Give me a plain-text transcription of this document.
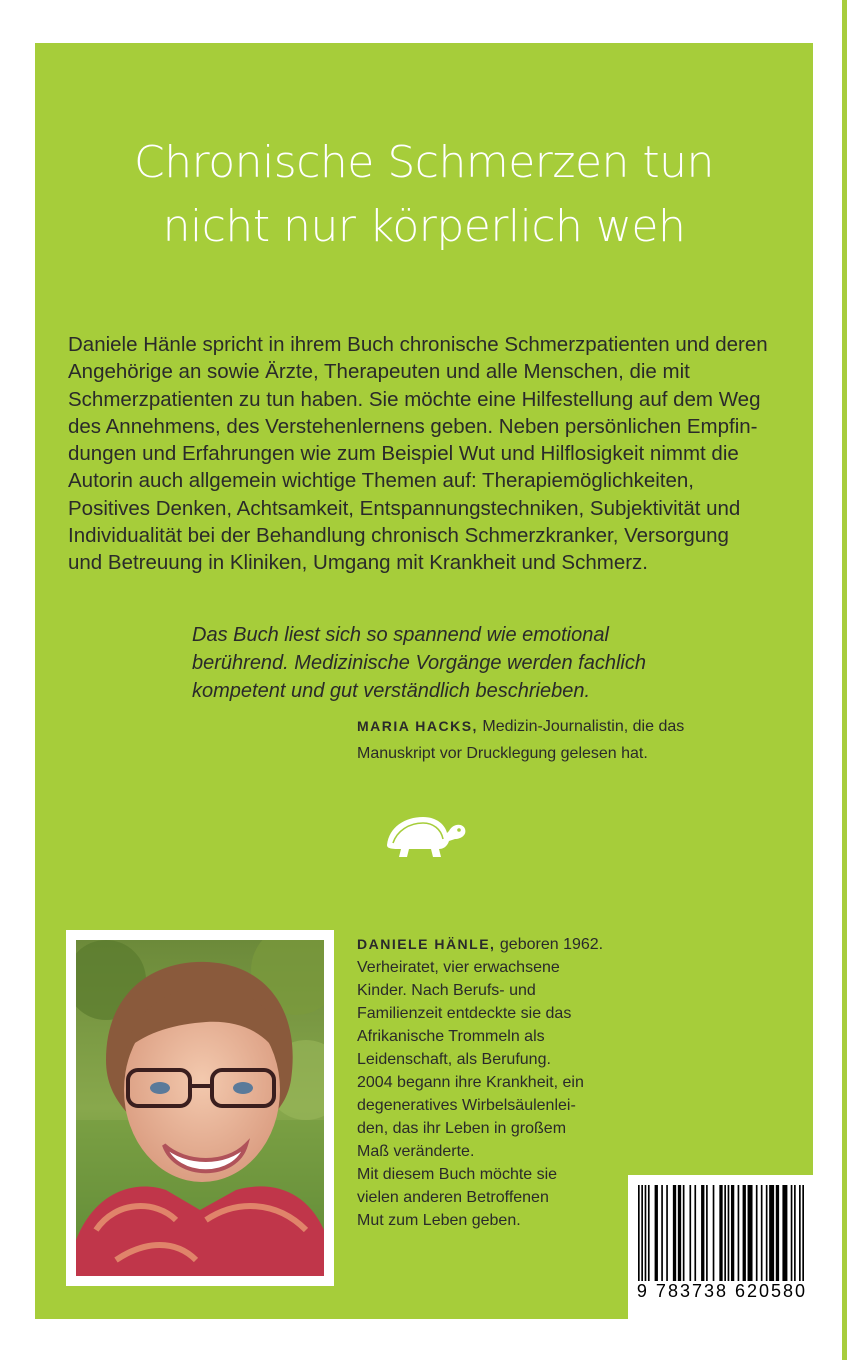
Chronische Schmerzen tun
nicht nur körperlich weh
Daniele Hänle spricht in ihrem Buch chronische Schmerzpatienten und deren
Angehörige an sowie Ärzte, Therapeuten und alle Menschen, die mit
Schmerzpatienten zu tun haben. Sie möchte eine Hilfestellung auf dem Weg
des Annehmens, des Verstehenlernens geben. Neben persönlichen Empfin-
dungen und Erfahrungen wie zum Beispiel Wut und Hilflosigkeit nimmt die
Autorin auch allgemein wichtige Themen auf: Therapiemöglichkeiten,
Positives Denken, Achtsamkeit, Entspannungstechniken, Subjektivität und
Individualität bei der Behandlung chronisch Schmerzkranker, Versorgung
und Betreuung in Kliniken, Umgang mit Krankheit und Schmerz.
Das Buch liest sich so spannend wie emotional
berührend. Medizinische Vorgänge werden fachlich
kompetent und gut verständlich beschrieben.
MARIA HACKS, Medizin-Journalistin, die das
Manuskript vor Drucklegung gelesen hat.
DANIELE HÄNLE, geboren 1962.
Verheiratet, vier erwachsene
Kinder. Nach Berufs- und
Familienzeit entdeckte sie das
Afrikanische Trommeln als
Leidenschaft, als Berufung.
2004 begann ihre Krankheit, ein
degeneratives Wirbelsäulenlei-
den, das ihr Leben in großem
Maß veränderte.
Mit diesem Buch möchte sie
vielen anderen Betroffenen
Mut zum Leben geben.
9 783738 620580
